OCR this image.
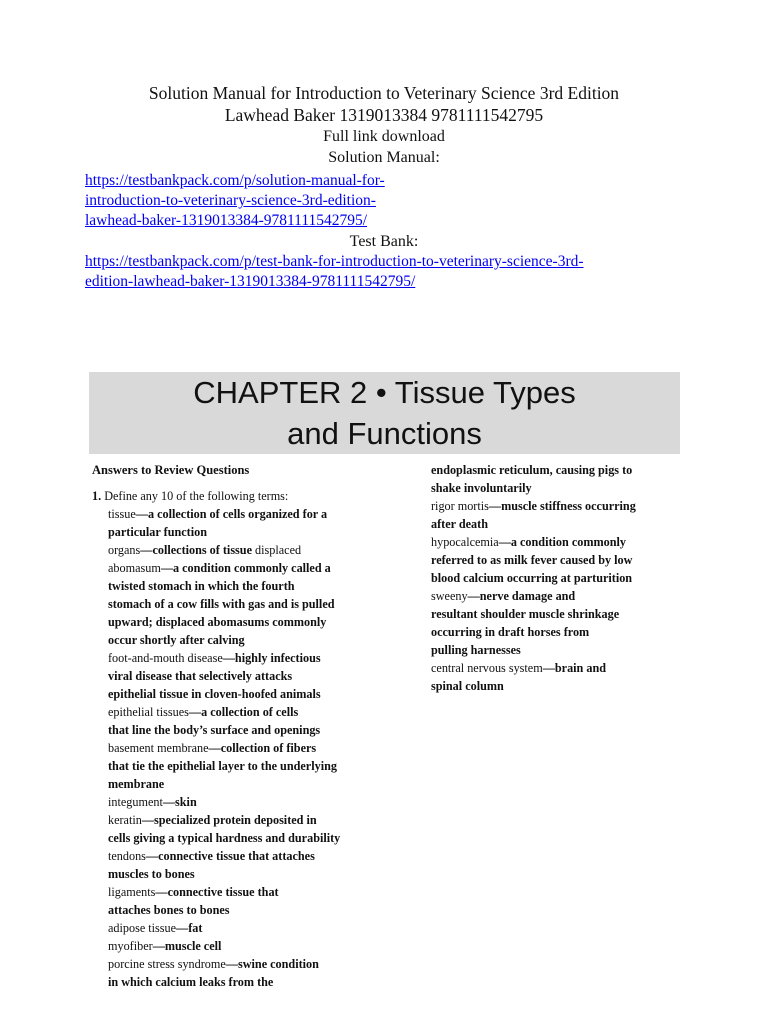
Solution Manual for Introduction to Veterinary Science 3rd Edition
Lawhead Baker 1319013384 9781111542795
Full link download
Solution Manual:
https://testbankpack.com/p/solution-manual-for-
introduction-to-veterinary-science-3rd-edition-
lawhead-baker-1319013384-9781111542795/
Test Bank:
https://testbankpack.com/p/test-bank-for-introduction-to-veterinary-science-3rd-
edition-lawhead-baker-1319013384-9781111542795/
CHAPTER 2 • Tissue Types
and Functions
Answers to Review Questions
1. Define any 10 of the following terms:
tissue—a collection of cells organized for a
particular function
organs—collections of tissue displaced
abomasum—a condition commonly called a
twisted stomach in which the fourth
stomach of a cow fills with gas and is pulled
upward; displaced abomasums commonly
occur shortly after calving
foot-and-mouth disease—highly infectious
viral disease that selectively attacks
epithelial tissue in cloven-hoofed animals
epithelial tissues—a collection of cells
that line the body’s surface and openings
basement membrane—collection of fibers
that tie the epithelial layer to the underlying
membrane
integument—skin
keratin—specialized protein deposited in
cells giving a typical hardness and durability
tendons—connective tissue that attaches
muscles to bones
ligaments—connective tissue that
attaches bones to bones
adipose tissue—fat
myofiber—muscle cell
porcine stress syndrome—swine condition
in which calcium leaks from the
endoplasmic reticulum, causing pigs to
shake involuntarily
rigor mortis—muscle stiffness occurring
after death
hypocalcemia—a condition commonly
referred to as milk fever caused by low
blood calcium occurring at parturition
sweeny—nerve damage and
resultant shoulder muscle shrinkage
occurring in draft horses from
pulling harnesses
central nervous system—brain and
spinal column
